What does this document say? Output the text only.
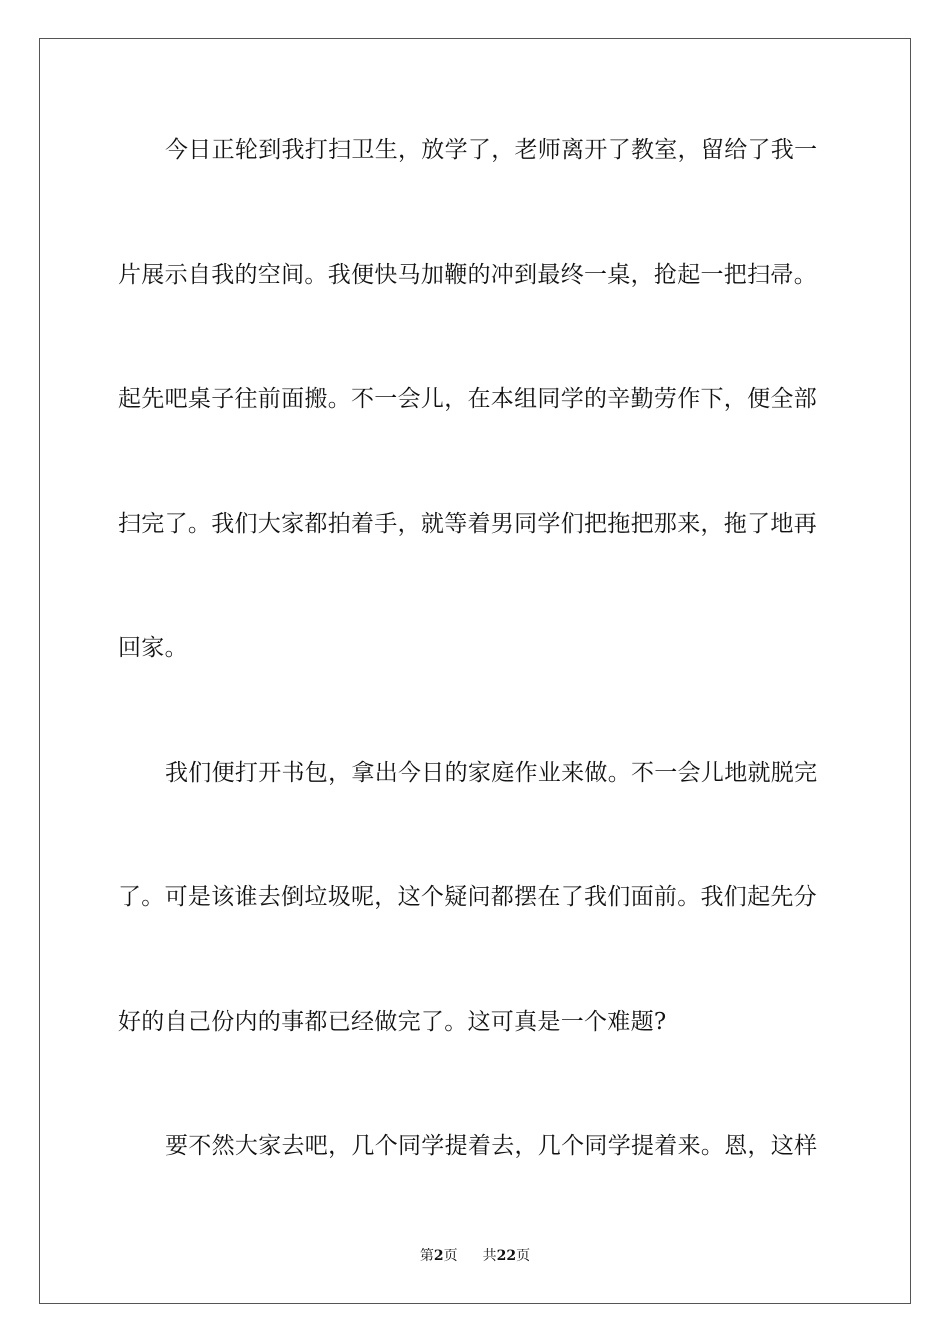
今日正轮到我打扫卫生，放学了，老师离开了教室，留给了我一
片展示自我的空间。我便快马加鞭的冲到最终一桌，抢起一把扫帚。
起先吧桌子往前面搬。不一会儿，在本组同学的辛勤劳作下，便全部
扫完了。我们大家都拍着手，就等着男同学们把拖把那来，拖了地再
回家。
我们便打开书包，拿出今日的家庭作业来做。不一会儿地就脱完
了。可是该谁去倒垃圾呢，这个疑问都摆在了我们面前。我们起先分
好的自己份内的事都已经做完了。这可真是一个难题?
要不然大家去吧，几个同学提着去，几个同学提着来。恩，这样
第2页 共22页
